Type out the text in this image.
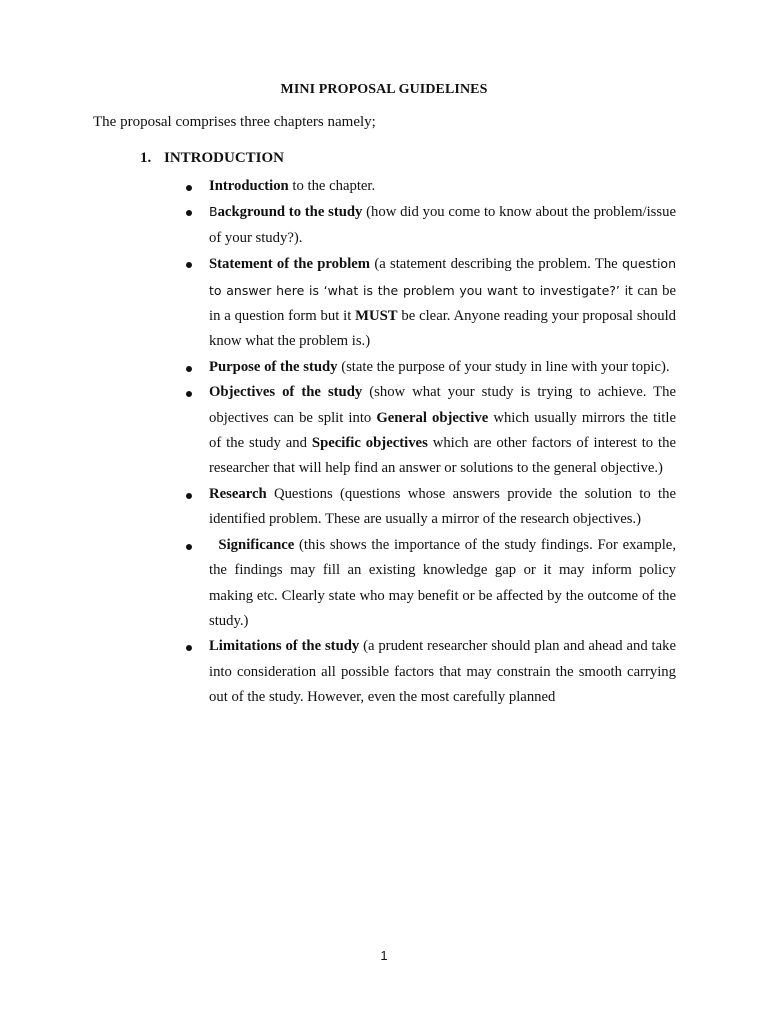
MINI PROPOSAL GUIDELINES
The proposal comprises three chapters namely;
1. INTRODUCTION
Introduction to the chapter.
Background to the study (how did you come to know about the problem/issue of your study?).
Statement of the problem (a statement describing the problem. The question to answer here is ‘what is the problem you want to investigate?’ it can be in a question form but it MUST be clear. Anyone reading your proposal should know what the problem is.)
Purpose of the study (state the purpose of your study in line with your topic).
Objectives of the study (show what your study is trying to achieve. The objectives can be split into General objective which usually mirrors the title of the study and Specific objectives which are other factors of interest to the researcher that will help find an answer or solutions to the general objective.)
Research Questions (questions whose answers provide the solution to the identified problem. These are usually a mirror of the research objectives.)
Significance (this shows the importance of the study findings. For example, the findings may fill an existing knowledge gap or it may inform policy making etc. Clearly state who may benefit or be affected by the outcome of the study.)
Limitations of the study (a prudent researcher should plan and ahead and take into consideration all possible factors that may constrain the smooth carrying out of the study. However, even the most carefully planned
1
